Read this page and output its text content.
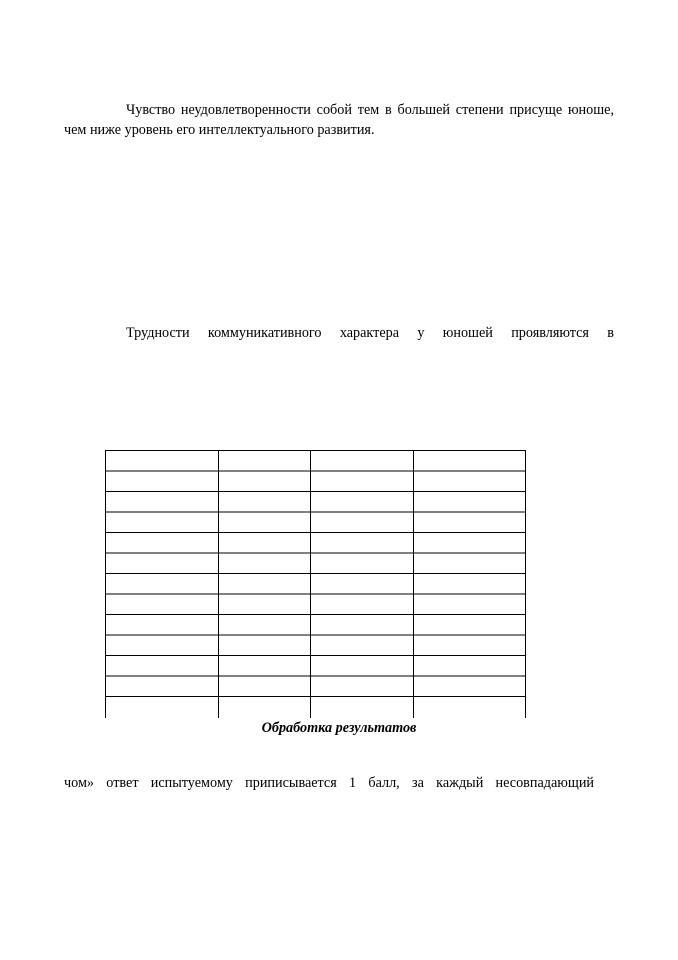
Чувство неудовлетворенности собой тем в большей степени присуще юноше, чем ниже уровень его интеллектуального развития.

Трудности коммуникативного характера у юношей проявляются в

Обработка результатов

чом» ответ испытуемому приписывается 1 балл, за каждый несовпадающий
